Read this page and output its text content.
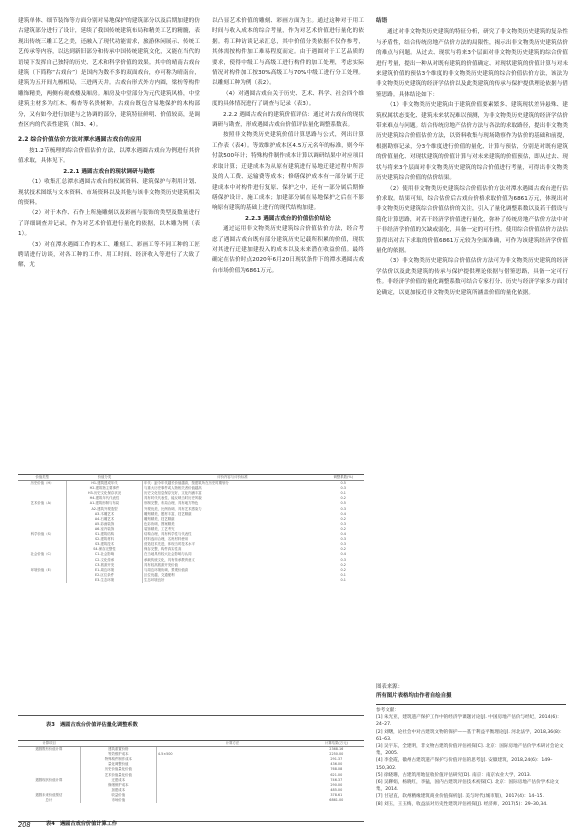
建筑单体、细节装饰等方面分别对易地保护的建筑部分以及后期加建的仿古建筑部分进行了设计，延续了我国传统建筑布局和精美工艺的精髓，表现出传统三雕工艺之美，还融入了现代功能需求，旅游休闲展示、传统工艺传承等内容，以达到新旧部分和传承中国传统建筑文化，又能在当代的语境下发挥自己独特的历史、艺术和科学价值的效果。其中的晴南古戏台建筑（下简称“古戏台”）是国内为数不多的双面戏台，亦可称为晴南台，建筑为五开间九檩相局，三进两天井。古戏台形式外方内圆，梁枋等构件雕饰精美，两侧有观戏楼及厢房。厢房及中堂部分为元代建筑风格，中堂建筑主材多为红木、梅杏等名贵树种。古戏台既包含易地保护的木构部分，又有如今进行加建与之协调的部分，建筑特征鲜明、价值较高，是调查区内的代表性建筑（图3、4）。

2.2 综合价值估价方法对潭水遇圆古戏台的应用

按1.2节梳理的综合价值估价方法，以潭水遇圆古戏台为例进行其价值求取，具体见下。

2.2.1 遇圆古戏台的现状调研与勘察

（1）收集汇总潭水遇圆古戏台的权属资料、建筑保护与利用计划、现状技术图纸与文本资料、市场资料以及其他与该非文物类历史建筑相关的资料。

（2）对于木作、石作上所施雕刻以及彩画与装饰的类型及数量进行了详细调查并记录，作为对艺术价值进行量化的依据，以木雕为例（表1）。

（3）对在潭水遇圆工作的木工、雕刻工、彩画工等不同工种的工匠聘请进行访谈，对各工种的工作、用工时间、经济收入等进行了大致了解，尤

以凸显艺术价值的雕刻、彩画方面为主。通过这种对于用工时间与收入成本的综合考量，作为对艺术价值进行量化的依据。将工种访谈记录汇总，其中价值分类依据不仅作参考，其体需按构件加工难易程度而定。由于遇圆对于工艺品质的要求，使得中级工与高级工进行构件的加工处理，考虑实际情况对构件加工按30%高级工与70%中级工进行分工处理。以雕刻工种为例（表2）。

（4）对遇圆古戏台关于历史、艺术、科学、社会四个维度的具体情况进行了调查与记录（表3）。

2.2.2 遇圆古戏台的建筑价值评估：通过对古戏台的现状调研与勘查，形成遇圆古戏台价值评估量化调整系数表。

按照非文物类历史建筑价值计算思路与公式，列出计算工作表（表4）。等效维护成本区4.5万元名年的标准，则今年付款500年计；特殊构件制作成本计算以调研结果中对应项目求取计算；迁建成本为从原有建筑进行易地迁建过程中所涉及的人工费、运输费等成本；修缮保护成本有一部分属于迁建成本中对构件进行复原、保护之中，还有一部分属后期修缮保护设计、施工成本；加建部分属在易地保护之后在不影响原有建筑的基础上进行的现代结构加建。

2.2.3 遇圆古戏台的价值估价结论

通过运用非文物类历史建筑综合价值估价方法，经合考虑了遇圆古戏台既有部分建筑历史记载所积累的价值，现状对其进行迁建加建投入的成本以及未来潜在收益价值。最终确定在估价时点2020年6月20日现状条件下的潭水遇圆古戏台市场价值为6861万元。

结语

通过对非文物类历史建筑的特征分析，研究了非文物类历史建筑的复杂性与矛盾性，结合传统房地产估价方法的局限性，揭示出非文物类历史建筑估价的难点与问题。从过去、现状与将来3个层面对非文物类历史建筑的综合价值进行考量，提出一种从对既有建筑的价值确定、对现状建筑的价值计算与对未来建筑价值的预估3个维度的非文物类历史建筑的综合价值估价方法，该法为非文物类历史建筑的经济学估价以及此类建筑的传承与保护提供理论依据与借鉴思路。具体结论如下：

（1）非文物类历史建筑由于建筑价值要素繁多、建筑现状差异悬殊、建筑权属状态变化、建筑未来状况难以预测，为非文物类历史建筑的经济学估价带来难点与问题。结合传统房地产估价方法与各法的求取路径，提出非文物类历史建筑综合价值估价方法，以资料收集与现场勘察作为估价的基础和前提，根据勘察记录，分3个维度进行价值的量化、计算与预估，分别是对既有建筑的价值量化、对现状建筑的价值计算与对未来建筑的价值预估，即从过去、现状与将来3个层面对非文物类历史建筑的综合价值进行考量，可得出非文物类历史建筑综合价值的估价结果。

（2）使用非文物类历史建筑综合价值估价方法对潭水遇圆古戏台进行估价求取。结果可知，综合估价后古戏台价格求取价值为6861万元，体现出对非文物类历史建筑综合价值估价的关注，引入了量化调整系数以及若干假设与简化计算思路，对若干经济学价值进行量化，弥补了传统房地产估价方法中对于非经济学价值的欠缺或弱化，具备一定的可行性。使用综合价值估价方法估算得出对古下求取的价值6861万元较为全面准确，可作为该建筑经济学价值量化的依据。

（3）非文物类历史建筑综合价值估价方法可为非文物类历史建筑的经济学估价以及此类建筑的传承与保护提供理论依据与借鉴思路，具备一定可行性。非经济学价值的量化调整系数可结合专家打分、历史与经济学家多方面讨论确定，以更加接近非文物类历史建筑所涵盖价值的量化依据。

价值类型	价值分类	评价内容与评价标准	调整系数(%)
历史价值（H）	H1-建筑建成年代	年代：距今年代越长价值越高，按建筑所在历史时期划分	0.5
	H2-建筑物主要事件	与重大历史事件或人物相关者价值越高	0.3
	H3-历史文化保存状况	历史文化信息保存完好，文化内涵丰富	0.1
	H4-建筑年代代表性	具有时代代表性，能反映当时历史风貌	0.2
艺术价值（A）	A1-建筑形制与布局	形制完整，布局合理，具有地方特色	0.5
	A2-建筑外观造型	外观优美，比例协调，具有艺术感染力	0.3
	A3-木雕艺术	雕刻精美，题材丰富，技艺精湛	0.4
	A4-石雕艺术	雕刻精美，技艺精湛	0.2
	A5-彩画装饰	色彩协调，图案精美	0.3
	A6-室内装饰	装饰精美，工艺考究	0.2
科学价值（S）	S1-建筑结构	结构合理，具有科学性与代表性	0.4
	S2-建筑材料	材料选用合理，名贵材料使用	0.3
	S3-建筑技术	营造技术先进，体现当时技术水平	0.3
	S4-保存完整性	保存完整，构件真实性高	0.2
社会价值（C）	C1-社会影响	在当地具有较大社会影响与认同	0.4
	C2-文化传承	承载传统文化，具有传承教育意义	0.3
	C3-旅游开发	具有较高旅游开发价值	0.2
环境价值（E）	E1-周边环境	与周边环境协调，景观价值高	0.2
	E2-区位条件	区位优越，交通便利	0.1
	E3-生态环境	生态环境良好	0.1
表3　遇圆古戏台价值评估量化调整系数
计算项目		计算方法	计算结果(万元)
遇圆既有价值计算	建筑重置价格		2368.16
	等效维护成本	4.5×500	2250.00
	特殊构件制作成本		291.37
	量化调整价值		436.00
	历史价值量化价值		768.08
	艺术价值量化价值		621.00
遇圆现状价值计算	迁建成本		746.37
	修缮保护成本		290.00
	加建成本		485.00
遇圆未来价值预估	收益价值		378.61
总计	市场价值		6861.00
表4　遇圆古戏台价值计算工作
图表来源：
所有图片表格均由作者自绘自摄
参考文献：
[1] 朱光亚，建筑遗产保护工作中的经济学课题讨论[J]. 中国房地产估价与经纪，2014(6)：24–27.
[2] 刘曙，论社会中对古建筑文物的保护——基于利益平衡理论[J]. 河北法学，2018,36(8)：61–63.
[3] 吴宇东，全建明，非文物古建筑价值评估初探[C]. 北京：国际房地产估价学术研讨会论文集，2005.
[4] 李金霞，徽州古建筑遗产保护与价值评估的思考[J]. 安徽建筑，2018,24(6)：149–150,302.
[5] 徐晓珊，古建筑用地征收价值评估研究[D]. 南京：南京农业大学，2013.
[6] 吴聊娟，杨晓红，李猛，国内古建筑评估技术初探[C]. 北京：国际房地产估价学术论文集，2014.
[7] 甘冠直，软州精缘建筑商业价值探析[J]. 美与时代(城市版)，2017(4)：14–15.
[8] 刘玉，王玉梅，收益法对历史性建筑评估初探[J]. 经济师，2017(5)：29–30,34.
208
